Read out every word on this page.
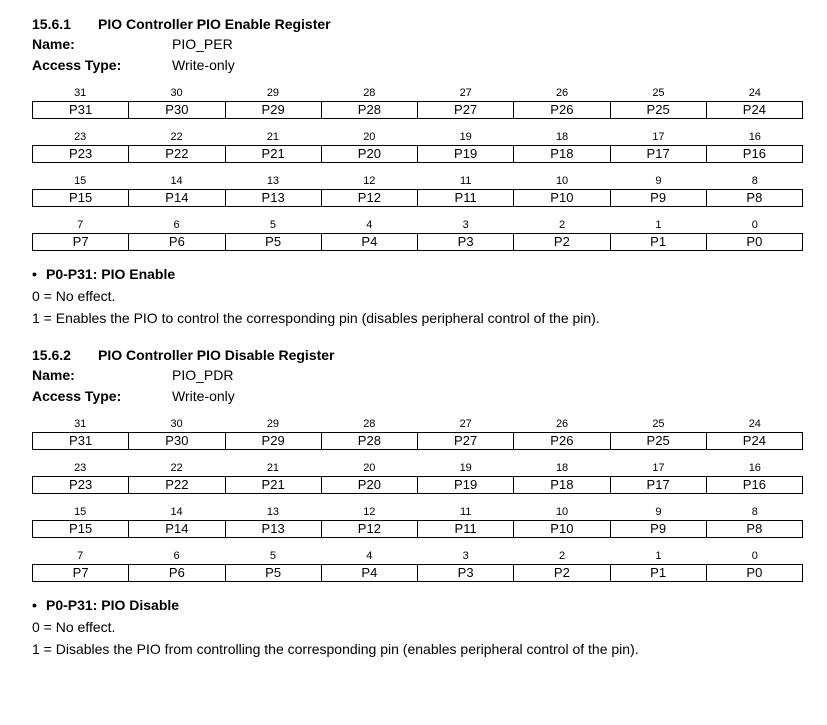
15.6.1 PIO Controller PIO Enable Register
Name:	PIO_PER
Access Type:	Write-only
31	30	29	28	27	26	25	24
P31	P30	P29	P28	P27	P26	P25	P24
23	22	21	20	19	18	17	16
P23	P22	P21	P20	P19	P18	P17	P16
15	14	13	12	11	10	9	8
P15	P14	P13	P12	P11	P10	P9	P8
7	6	5	4	3	2	1	0
P7	P6	P5	P4	P3	P2	P1	P0
• P0-P31: PIO Enable
0 = No effect.
1 = Enables the PIO to control the corresponding pin (disables peripheral control of the pin).
15.6.2 PIO Controller PIO Disable Register
Name:	PIO_PDR
Access Type:	Write-only
31	30	29	28	27	26	25	24
P31	P30	P29	P28	P27	P26	P25	P24
23	22	21	20	19	18	17	16
P23	P22	P21	P20	P19	P18	P17	P16
15	14	13	12	11	10	9	8
P15	P14	P13	P12	P11	P10	P9	P8
7	6	5	4	3	2	1	0
P7	P6	P5	P4	P3	P2	P1	P0
• P0-P31: PIO Disable
0 = No effect.
1 = Disables the PIO from controlling the corresponding pin (enables peripheral control of the pin).
